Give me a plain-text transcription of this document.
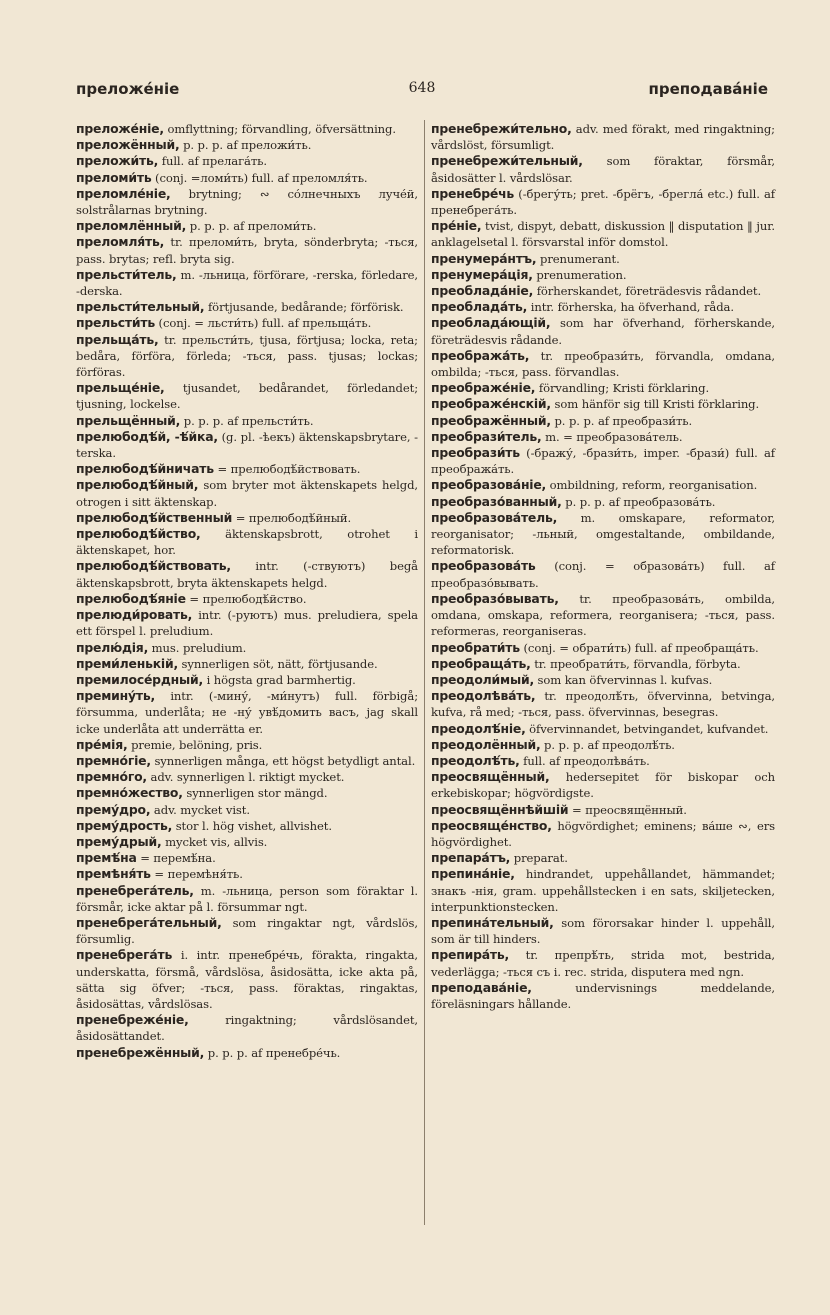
преложе́ніе	648	преподава́ніе

преложе́ніе, omflyttning; förvandling, öfversättning.

преложённый, p. p. p. af преложи́ть.

преложи́ть, full. af прелага́ть.

преломи́ть (conj. =ломи́ть) full. af преломля́ть.

преломле́ніе, brytning; ∾ со́лнечныхъ луче́й, solstrålarnas brytning.

преломлённый, p. p. p. af преломи́ть.

преломля́ть, tr. преломи́ть, bryta, sönderbryta; -ться, pass. brytas; refl. bryta sig.

прельсти́тель, m. -льница, förförare, -rerska, förledare, -derska.

прельсти́тельный, förtjusande, bedårande; förförisk.

прельсти́ть (conj. = льсти́ть) full. af прельща́ть.

прельща́ть, tr. прельсти́ть, tjusa, förtjusa; locka, reta; bedåra, förföra, förleda; -ться, pass. tjusas; lockas; förföras.

прельще́ніе, tjusandet, bedårandet, förledandet; tjusning, lockelse.

прельщённый, p. p. p. af прельсти́ть.

прелюбодѣ́й, -ѣ́йка, (g. pl. -ѣекъ) äktenskapsbrytare, -terska.

прелюбодѣ́йничать = прелюбодѣ́йствовать.

прелюбодѣ́йный, som bryter mot äktenskapets helgd, otrogen i sitt äktenskap.

прелюбодѣ́йственный = прелюбодѣ́йный.

прелюбодѣ́йство, äktenskapsbrott, otrohet i äktenskapet, hor.

прелюбодѣ́йствовать, intr. (-ствуютъ) begå äktenskapsbrott, bryta äktenskapets helgd.

прелюбодѣ́яніе = прелюбодѣ́йство.

прелюди́ровать, intr. (-руютъ) mus. preludiera, spela ett förspel l. preludium.

прелю́дія, mus. preludium.

преми́ленькій, synnerligen söt, nätt, förtjusande.

премилосе́рдный, i högsta grad barmhertig.

премину́ть, intr. (-мину́, -ми́нутъ) full. förbigå; försumma, underlåta; не -ну́ увѣ́домить васъ, jag skall icke underlåta att underrätta er.

пре́мія, premie, belöning, pris.

премно́гіе, synnerligen många, ett högst betydligt antal.

премно́го, adv. synnerligen l. riktigt mycket.

премно́жество, synnerligen stor mängd.

прему́дро, adv. mycket vist.

прему́дрость, stor l. hög vishet, allvishet.

прему́дрый, mycket vis, allvis.

премѣ́на = перемѣ́на.

премѣня́ть = перемѣня́ть.

пренебрега́тель, m. -льница, person som föraktar l. försmår, icke aktar på l. försummar ngt.

пренебрега́тельный, som ringaktar ngt, vårdslös, försumlig.

пренебрега́ть i. intr. пренебре́чь, förakta, ringakta, underskatta, försmå, vårdslösa, åsidosätta, icke akta på, sätta sig öfver; -ться, pass. föraktas, ringaktas, åsidosättas, vårdslösas.

пренебреже́ніе, ringaktning; vårdslösandet, åsidosättandet.

пренебрежённый, p. p. p. af пренебре́чь.

пренебрежи́тельно, adv. med förakt, med ringaktning; vårdslöst, försumligt.

пренебрежи́тельный, som föraktar, försmår, åsidosätter l. vårdslösar.

пренебре́чь (-брегу́ть; pret. -брёгъ, -брегла́ etc.) full. af пренебрега́ть.

пре́ніе, tvist, dispyt, debatt, diskussion ‖ disputation ‖ jur. anklagelsetal l. försvarstal inför domstol.

пренумера́нтъ, prenumerant.

пренумера́ція, prenumeration.

преоблада́ніе, förherskandet, företrädesvis rådandet.

преоблада́ть, intr. förherska, ha öfverhand, råda.

преоблада́ющій, som har öfverhand, förherskande, företrädesvis rådande.

преобража́ть, tr. преобрази́ть, förvandla, omdana, ombilda; -ться, pass. förvandlas.

преображе́ніе, förvandling; Kristi förklaring.

преображе́нскій, som hänför sig till Kristi förklaring.

преображённый, p. p. p. af преобрази́ть.

преобрази́тель, m. = преобразова́тель.

преобрази́ть (-бражу́, -брази́ть, imper. -брази́) full. af преобража́ть.

преобразова́ніе, ombildning, reform, reorganisation.

преобразо́ванный, p. p. p. af преобразова́ть.

преобразова́тель, m. omskapare, reformator, reorganisator; -льный, omgestaltande, ombildande, reformatorisk.

преобразова́ть (conj. = образова́ть) full. af преобразо́вывать.

преобразо́вывать, tr. преобразова́ть, ombilda, omdana, omskapa, reformera, reorganisera; -ться, pass. reformeras, reorganiseras.

преобрати́ть (conj. = обрати́ть) full. af преобраща́ть.

преобраща́ть, tr. преобрати́ть, förvandla, förbyta.

преодоли́мый, som kan öfvervinnas l. kufvas.

преодолѣва́ть, tr. преодолѣ́ть, öfvervinna, betvinga, kufva, rå med; -ться, pass. öfvervinnas, besegras.

преодолѣ́ніе, öfvervinnandet, betvingandet, kufvandet.

преодолённый, p. p. p. af преодолѣ́ть.

преодолѣ́ть, full. af преодолѣва́ть.

преосвящённый, hedersepitet för biskopar och erkebiskopar; högvördigste.

преосвящённѣйшій = преосвящённый.

преосвяще́нство, högvördighet; eminens; ва́ше ∾, ers högvördighet.

препара́тъ, preparat.

препина́ніе, hindrandet, uppehållandet, hämmandet; знакъ -нія, gram. uppehållstecken i en sats, skiljetecken, interpunktionstecken.

препина́тельный, som förorsakar hinder l. uppehåll, som är till hinders.

препира́ть, tr. препрѣ́ть, strida mot, bestrida, vederlägga; -ться съ i. rec. strida, disputera med ngn.

преподава́ніе, undervisnings meddelande, föreläsningars hållande.
